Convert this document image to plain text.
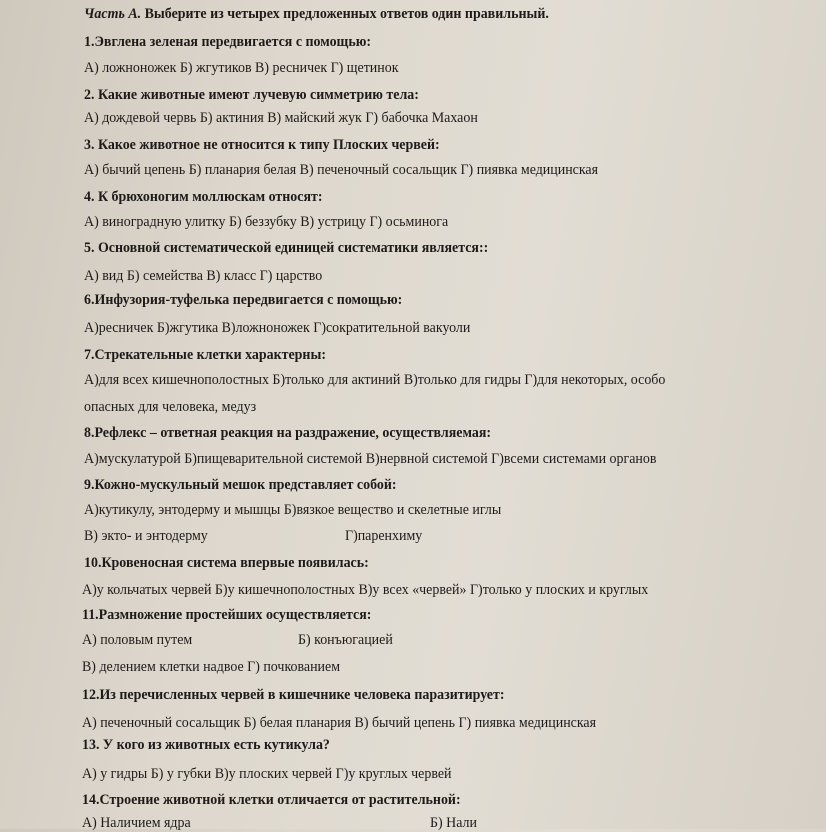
Часть А. Выберите из четырех предложенных ответов один правильный.
1.Эвглена зеленая передвигается с помощью:
А) ложноножек Б) жгутиков В) ресничек Г) щетинок
2. Какие животные имеют лучевую симметрию тела:
А) дождевой червь Б) актиния В) майский жук Г) бабочка Махаон
3. Какое животное не относится к типу Плоских червей:
А) бычий цепень Б) планария белая В) печеночный сосальщик Г) пиявка медицинская
4. К брюхоногим моллюскам относят:
А) виноградную улитку Б) беззубку В) устрицу Г) осьминога
5. Основной систематической единицей систематики является::
А) вид Б) семейства В) класс Г) царство
6.Инфузория-туфелька передвигается с помощью:
А)ресничек Б)жгутика В)ложноножек Г)сократительной вакуоли
7.Стрекательные клетки характерны:
А)для всех кишечнополостных Б)только для актиний В)только для гидры Г)для некоторых, особо
опасных для человека, медуз
8.Рефлекс – ответная реакция на раздражение, осуществляемая:
А)мускулатурой Б)пищеварительной системой В)нервной системой Г)всеми системами органов
9.Кожно-мускульный мешок представляет собой:
А)кутикулу, энтодерму и мышцы Б)вязкое вещество и скелетные иглы
В) экто- и энтодерму	Г)паренхиму
10.Кровеносная система впервые появилась:
А)у кольчатых червей Б)у кишечнополостных В)у всех «червей» Г)только у плоских и круглых
11.Размножение простейших осуществляется:
А) половым путем	Б) конъюгацией
В) делением клетки надвое Г) почкованием
12.Из перечисленных червей в кишечнике человека паразитирует:
А) печеночный сосальщик Б) белая планария В) бычий цепень Г) пиявка медицинская
13. У кого из животных есть кутикула?
А) у гидры Б) у губки В)у плоских червей Г)у круглых червей
14.Строение животной клетки отличается от растительной:
А) Наличием ядра	Б) Нали
